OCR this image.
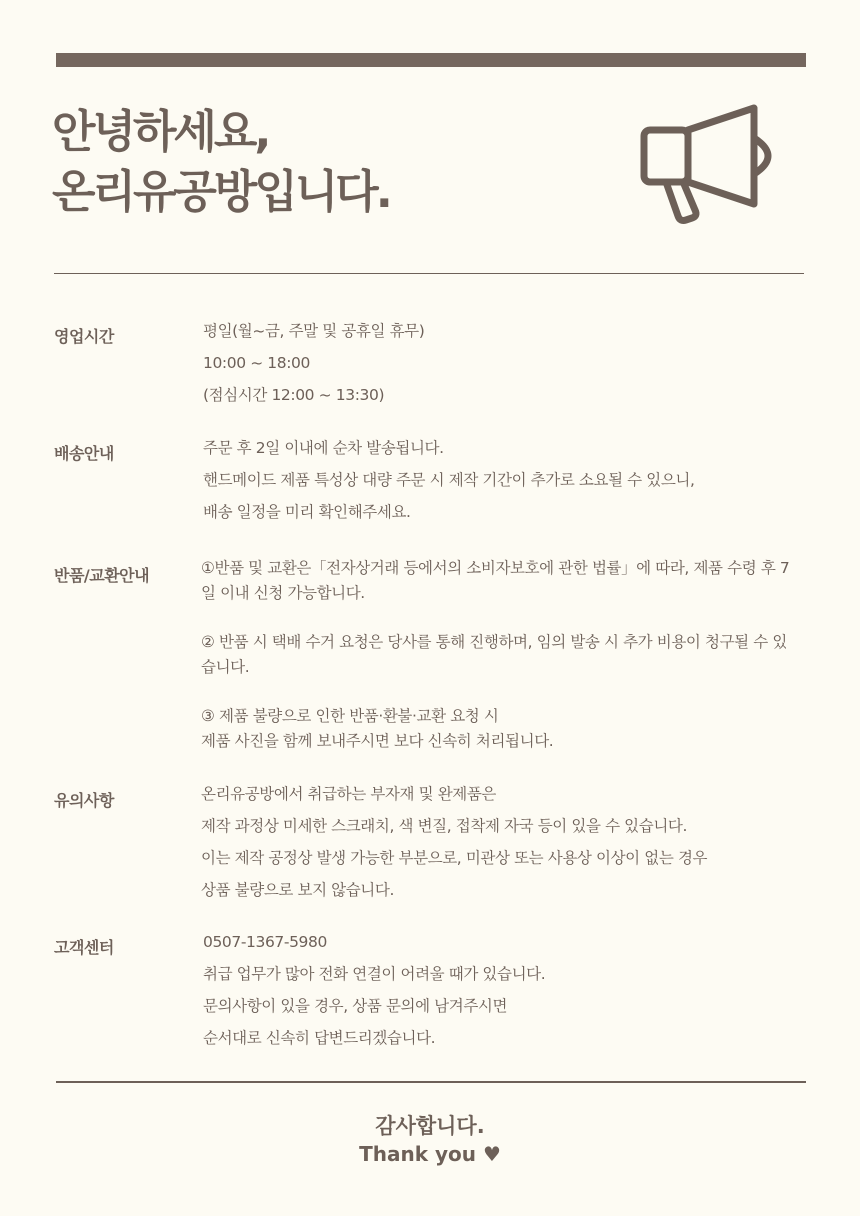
안녕하세요,
온리유공방입니다.
영업시간	평일(월~금, 주말 및 공휴일 휴무)
10:00 ~ 18:00
(점심시간 12:00 ~ 13:30)
배송안내	주문 후 2일 이내에 순차 발송됩니다.
핸드메이드 제품 특성상 대량 주문 시 제작 기간이 추가로 소요될 수 있으니,
배송 일정을 미리 확인해주세요.
반품/교환안내	①반품 및 교환은「전자상거래 등에서의 소비자보호에 관한 법률」에 따라, 제품 수령 후 7일 이내 신청 가능합니다.
② 반품 시 택배 수거 요청은 당사를 통해 진행하며, 임의 발송 시 추가 비용이 청구될 수 있습니다.
③ 제품 불량으로 인한 반품·환불·교환 요청 시
제품 사진을 함께 보내주시면 보다 신속히 처리됩니다.
유의사항	온리유공방에서 취급하는 부자재 및 완제품은
제작 과정상 미세한 스크래치, 색 변질, 접착제 자국 등이 있을 수 있습니다.
이는 제작 공정상 발생 가능한 부분으로, 미관상 또는 사용상 이상이 없는 경우
상품 불량으로 보지 않습니다.
고객센터	0507-1367-5980
취급 업무가 많아 전화 연결이 어려울 때가 있습니다.
문의사항이 있을 경우, 상품 문의에 남겨주시면
순서대로 신속히 답변드리겠습니다.
감사합니다.
Thank you ♥
